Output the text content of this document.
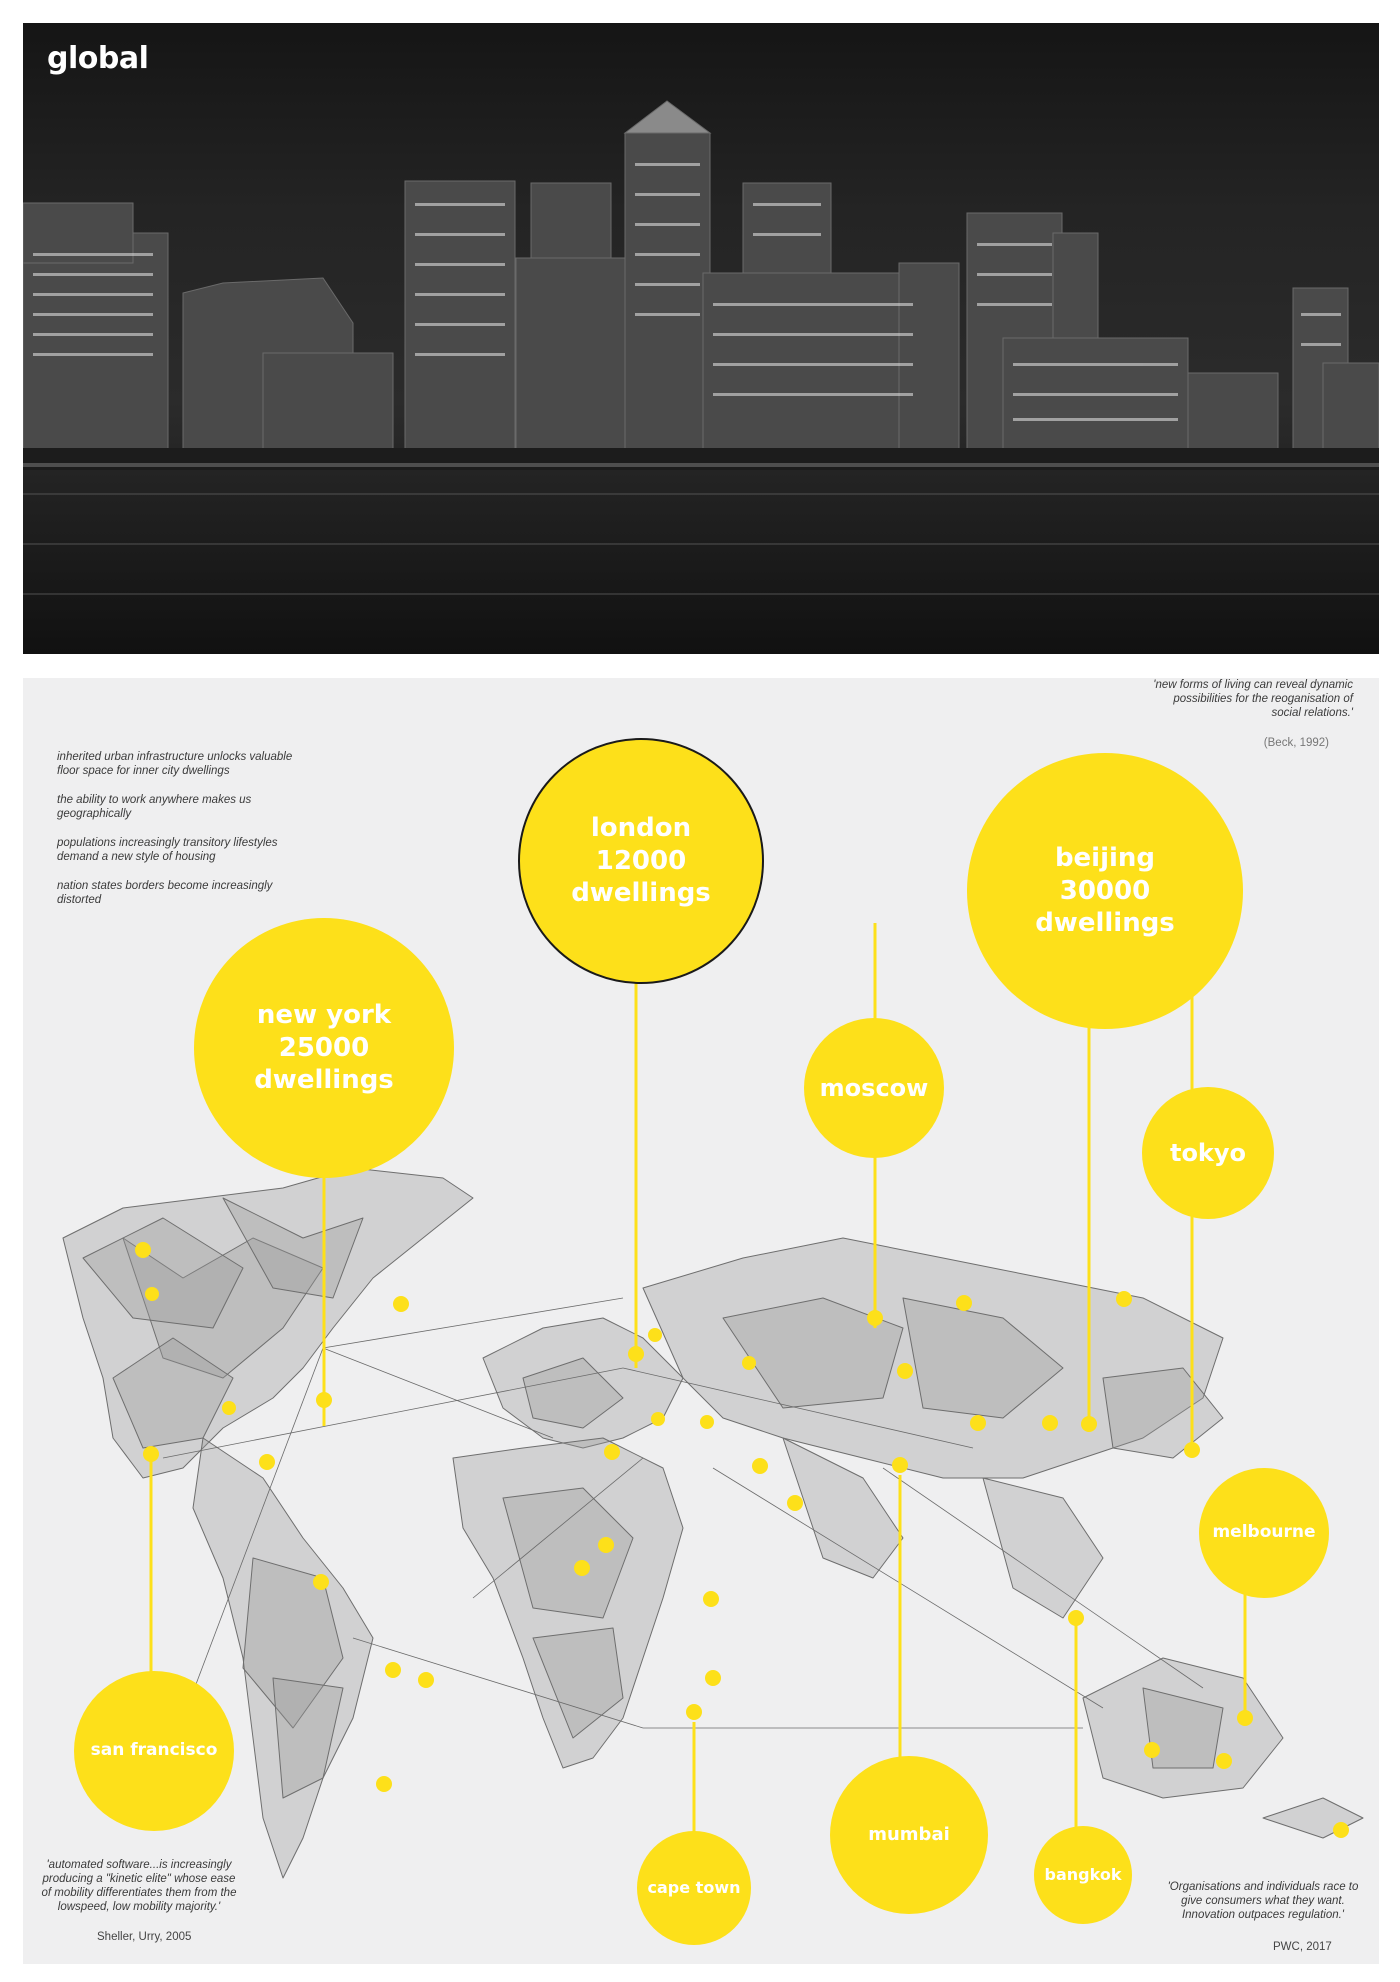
global
inherited urban infrastructure unlocks valuable floor space for inner city dwellings
the ability to work anywhere makes us geographically
populations increasingly transitory lifestyles demand a new style of housing
nation states borders become increasingly distorted
'new forms of living can reveal dynamic possibilities for the reoganisation of social relations.'
(Beck, 1992)
'automated software...is increasingly producing a "kinetic elite" whose ease of mobility differentiates them from the lowspeed, low mobility majority.'
Sheller, Urry, 2005
'Organisations and individuals race to give consumers what they want. Innovation outpaces regulation.'
PWC, 2017
london
12000
dwellings
beijing
30000
dwellings
new york
25000
dwellings	moscow
tokyo
melbourne
san francisco
cape town
mumbai
bangkok
